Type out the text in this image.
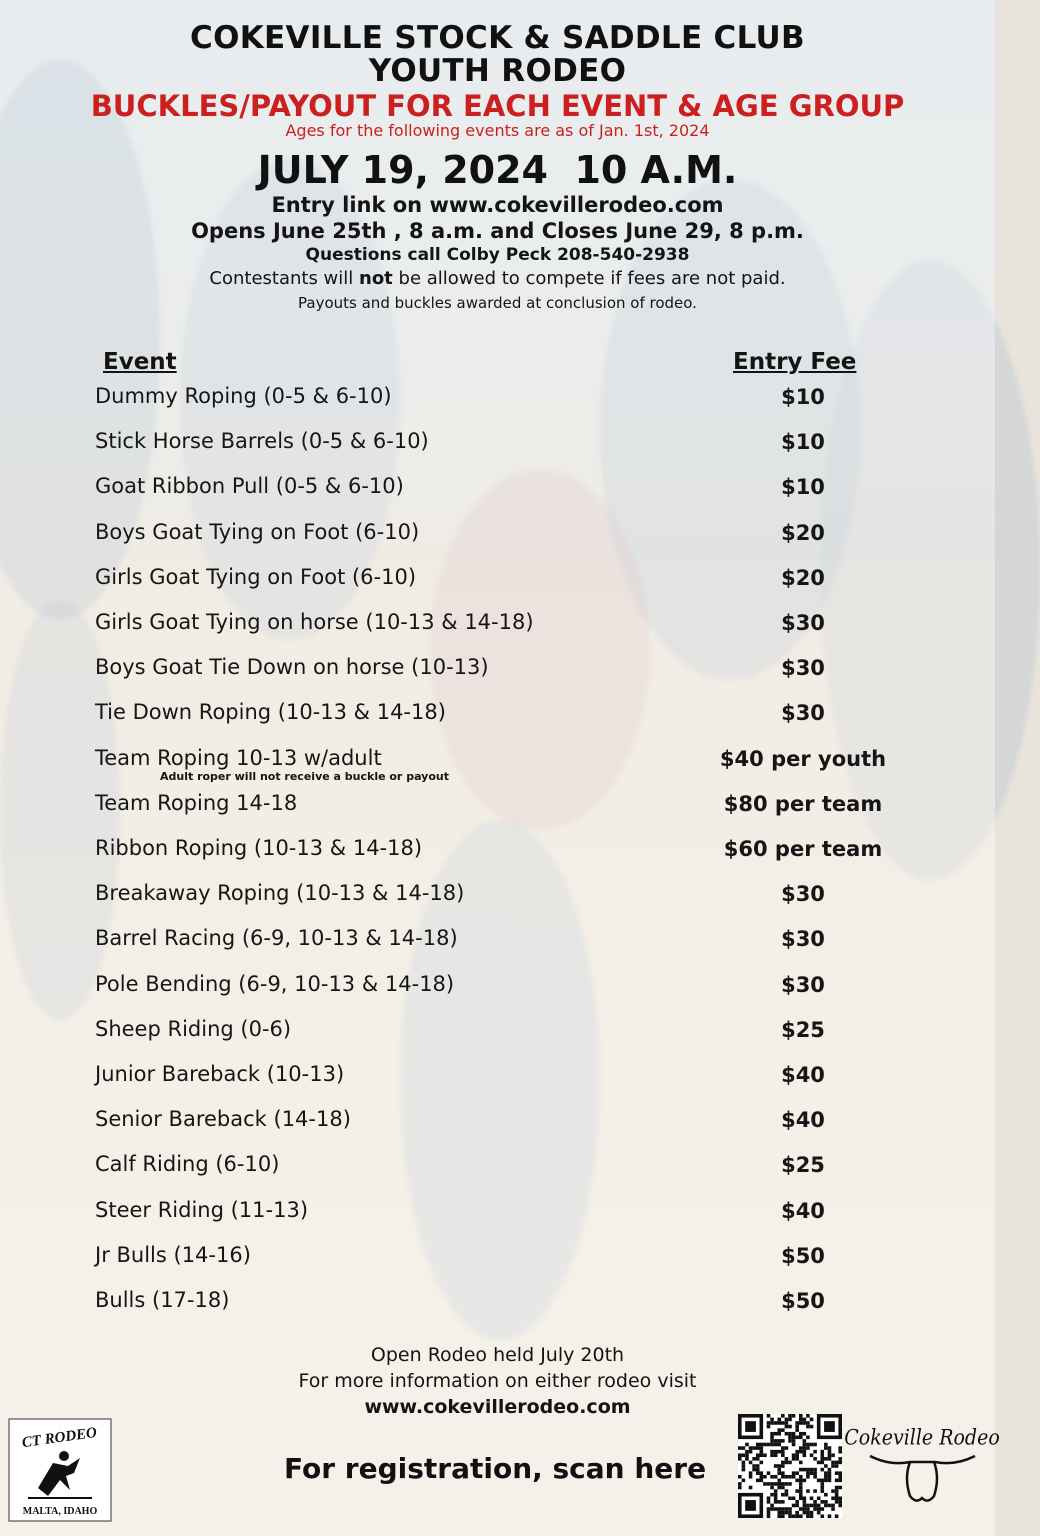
COKEVILLE STOCK & SADDLE CLUB
YOUTH RODEO
BUCKLES/PAYOUT FOR EACH EVENT & AGE GROUP
Ages for the following events are as of Jan. 1st, 2024
JULY 19, 2024  10 A.M.
Entry link on www.cokevillerodeo.com
Opens June 25th , 8 a.m. and Closes June 29, 8 p.m.
Questions call Colby Peck 208-540-2938
Contestants will not be allowed to compete if fees are not paid.
Payouts and buckles awarded at conclusion of rodeo.
Event	Entry Fee
Dummy Roping (0-5 & 6-10)	$10
Stick Horse Barrels (0-5 & 6-10)	$10
Goat Ribbon Pull (0-5 & 6-10)	$10
Boys Goat Tying on Foot (6-10)	$20
Girls Goat Tying on Foot (6-10)	$20
Girls Goat Tying on horse (10-13 & 14-18)	$30
Boys Goat Tie Down on horse (10-13)	$30
Tie Down Roping (10-13 & 14-18)	$30
Team Roping 10-13 w/adult	$40 per youth
Adult roper will not receive a buckle or payout
Team Roping 14-18	$80 per team
Ribbon Roping (10-13 & 14-18)	$60 per team
Breakaway Roping (10-13 & 14-18)	$30
Barrel Racing (6-9, 10-13 & 14-18)	$30
Pole Bending (6-9, 10-13 & 14-18)	$30
Sheep Riding (0-6)	$25
Junior Bareback (10-13)	$40
Senior Bareback (14-18)	$40
Calf Riding (6-10)	$25
Steer Riding (11-13)	$40
Jr Bulls (14-16)	$50
Bulls (17-18)	$50
Open Rodeo held July 20th
For more information on either rodeo visit
www.cokevillerodeo.com
For registration, scan here
CT RODEO
MALTA, IDAHO
Cokeville Rodeo
